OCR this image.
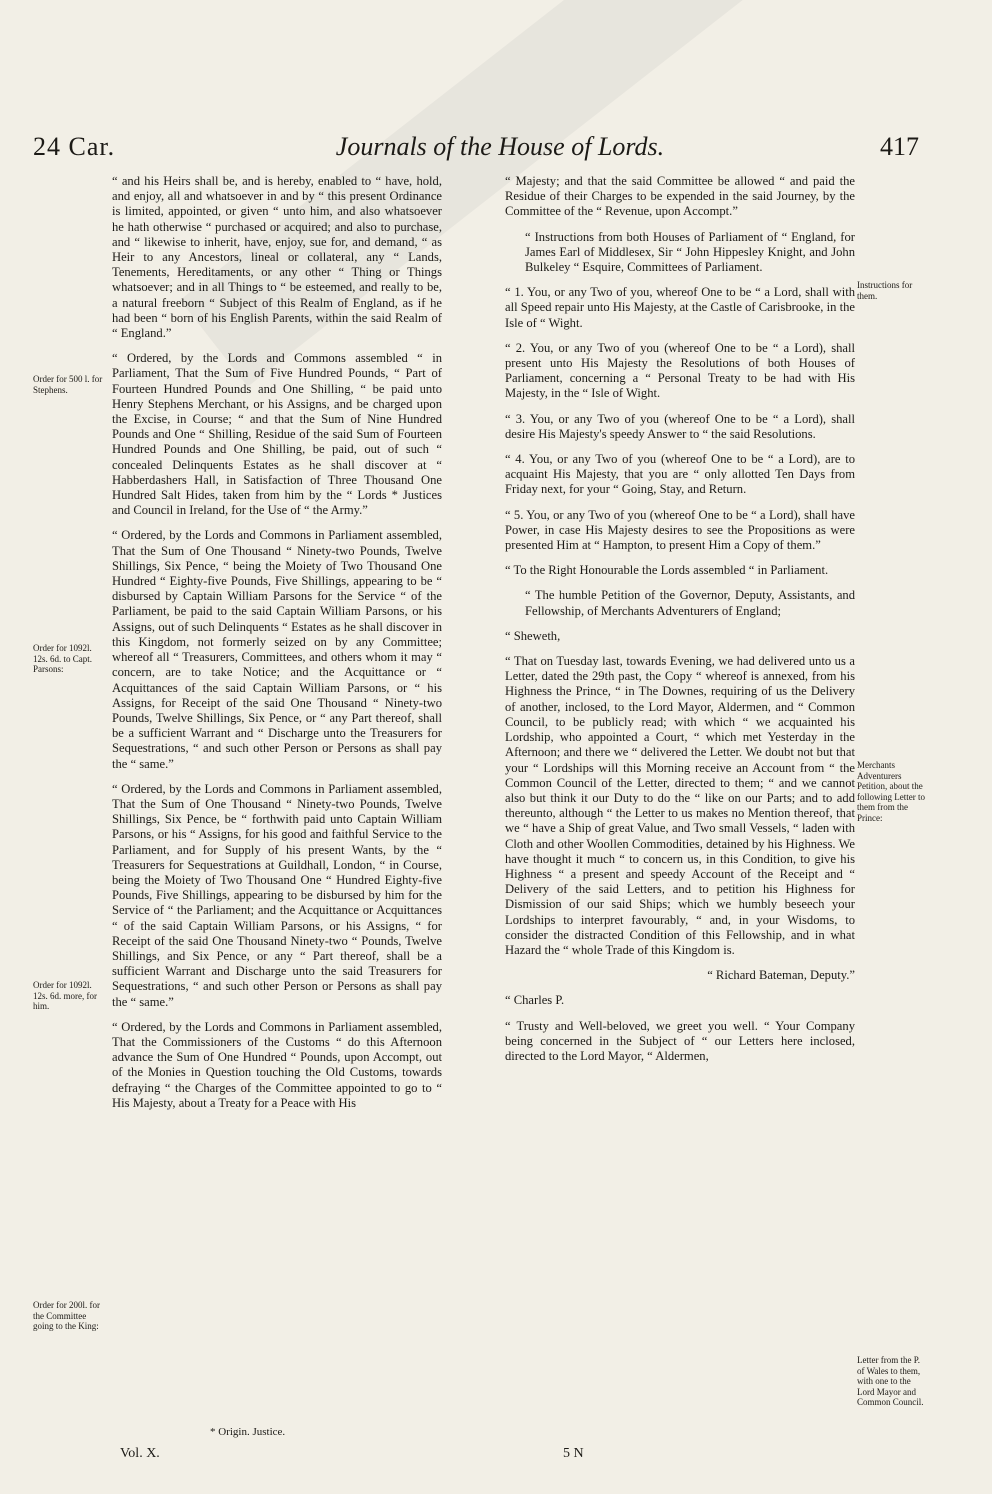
24 Car.	Journals of the House of Lords.	417
Order for 500 l. for Stephens.
Order for 1092l. 12s. 6d. to Capt. Parsons:
Order for 1092l. 12s. 6d. more, for him.
Order for 200l. for the Committee going to the King:

“ and his Heirs shall be, and is hereby, enabled to “ have, hold, and enjoy, all and whatsoever in and by “ this present Ordinance is limited, appointed, or given “ unto him, and also whatsoever he hath otherwise “ purchased or acquired; and also to purchase, and “ likewise to inherit, have, enjoy, sue for, and demand, “ as Heir to any Ancestors, lineal or collateral, any “ Lands, Tenements, Hereditaments, or any other “ Thing or Things whatsoever; and in all Things to “ be esteemed, and really to be, a natural freeborn “ Subject of this Realm of England, as if he had been “ born of his English Parents, within the said Realm of “ England.”

“ Ordered, by the Lords and Commons assembled “ in Parliament, That the Sum of Five Hundred Pounds, “ Part of Fourteen Hundred Pounds and One Shilling, “ be paid unto Henry Stephens Merchant, or his Assigns, and be charged upon the Excise, in Course; “ and that the Sum of Nine Hundred Pounds and One “ Shilling, Residue of the said Sum of Fourteen Hundred Pounds and One Shilling, be paid, out of such “ concealed Delinquents Estates as he shall discover at “ Habberdashers Hall, in Satisfaction of Three Thousand One Hundred Salt Hides, taken from him by the “ Lords * Justices and Council in Ireland, for the Use of “ the Army.”

“ Ordered, by the Lords and Commons in Parliament assembled, That the Sum of One Thousand “ Ninety-two Pounds, Twelve Shillings, Six Pence, “ being the Moiety of Two Thousand One Hundred “ Eighty-five Pounds, Five Shillings, appearing to be “ disbursed by Captain William Parsons for the Service “ of the Parliament, be paid to the said Captain William Parsons, or his Assigns, out of such Delinquents “ Estates as he shall discover in this Kingdom, not formerly seized on by any Committee; whereof all “ Treasurers, Committees, and others whom it may “ concern, are to take Notice; and the Acquittance or “ Acquittances of the said Captain William Parsons, or “ his Assigns, for Receipt of the said One Thousand “ Ninety-two Pounds, Twelve Shillings, Six Pence, or “ any Part thereof, shall be a sufficient Warrant and “ Discharge unto the Treasurers for Sequestrations, “ and such other Person or Persons as shall pay the “ same.”

“ Ordered, by the Lords and Commons in Parliament assembled, That the Sum of One Thousand “ Ninety-two Pounds, Twelve Shillings, Six Pence, be “ forthwith paid unto Captain William Parsons, or his “ Assigns, for his good and faithful Service to the Parliament, and for Supply of his present Wants, by the “ Treasurers for Sequestrations at Guildhall, London, “ in Course, being the Moiety of Two Thousand One “ Hundred Eighty-five Pounds, Five Shillings, appearing to be disbursed by him for the Service of “ the Parliament; and the Acquittance or Acquittances “ of the said Captain William Parsons, or his Assigns, “ for Receipt of the said One Thousand Ninety-two “ Pounds, Twelve Shillings, and Six Pence, or any “ Part thereof, shall be a sufficient Warrant and Discharge unto the said Treasurers for Sequestrations, “ and such other Person or Persons as shall pay the “ same.”

“ Ordered, by the Lords and Commons in Parliament assembled, That the Commissioners of the Customs “ do this Afternoon advance the Sum of One Hundred “ Pounds, upon Accompt, out of the Monies in Question touching the Old Customs, towards defraying “ the Charges of the Committee appointed to go to “ His Majesty, about a Treaty for a Peace with His

Instructions for them.
Merchants Adventurers Petition, about the following Letter to them from the Prince:
Letter from the P. of Wales to them, with one to the Lord Mayor and Common Council.

“ Majesty; and that the said Committee be allowed “ and paid the Residue of their Charges to be expended in the said Journey, by the Committee of the “ Revenue, upon Accompt.”

“ Instructions from both Houses of Parliament of “ England, for James Earl of Middlesex, Sir “ John Hippesley Knight, and John Bulkeley “ Esquire, Committees of Parliament.

“ 1. You, or any Two of you, whereof One to be “ a Lord, shall with all Speed repair unto His Majesty, at the Castle of Carisbrooke, in the Isle of “ Wight.

“ 2. You, or any Two of you (whereof One to be “ a Lord), shall present unto His Majesty the Resolutions of both Houses of Parliament, concerning a “ Personal Treaty to be had with His Majesty, in the “ Isle of Wight.

“ 3. You, or any Two of you (whereof One to be “ a Lord), shall desire His Majesty's speedy Answer to “ the said Resolutions.

“ 4. You, or any Two of you (whereof One to be “ a Lord), are to acquaint His Majesty, that you are “ only allotted Ten Days from Friday next, for your “ Going, Stay, and Return.

“ 5. You, or any Two of you (whereof One to be “ a Lord), shall have Power, in case His Majesty desires to see the Propositions as were presented Him at “ Hampton, to present Him a Copy of them.”

“ To the Right Honourable the Lords assembled “ in Parliament.

“ The humble Petition of the Governor, Deputy, Assistants, and Fellowship, of Merchants Adventurers of England;

“ Sheweth,

“ That on Tuesday last, towards Evening, we had delivered unto us a Letter, dated the 29th past, the Copy “ whereof is annexed, from his Highness the Prince, “ in The Downes, requiring of us the Delivery of another, inclosed, to the Lord Mayor, Aldermen, and “ Common Council, to be publicly read; with which “ we acquainted his Lordship, who appointed a Court, “ which met Yesterday in the Afternoon; and there we “ delivered the Letter. We doubt not but that your “ Lordships will this Morning receive an Account from “ the Common Council of the Letter, directed to them; “ and we cannot also but think it our Duty to do the “ like on our Parts; and to add thereunto, although “ the Letter to us makes no Mention thereof, that we “ have a Ship of great Value, and Two small Vessels, “ laden with Cloth and other Woollen Commodities, detained by his Highness. We have thought it much “ to concern us, in this Condition, to give his Highness “ a present and speedy Account of the Receipt and “ Delivery of the said Letters, and to petition his Highness for Dismission of our said Ships; which we humbly beseech your Lordships to interpret favourably, “ and, in your Wisdoms, to consider the distracted Condition of this Fellowship, and in what Hazard the “ whole Trade of this Kingdom is.

“ Richard Bateman, Deputy.”

“ Charles P.

“ Trusty and Well-beloved, we greet you well. “ Your Company being concerned in the Subject of “ our Letters here inclosed, directed to the Lord Mayor, “ Aldermen,

* Origin. Justice.
Vol. X.	5 N
